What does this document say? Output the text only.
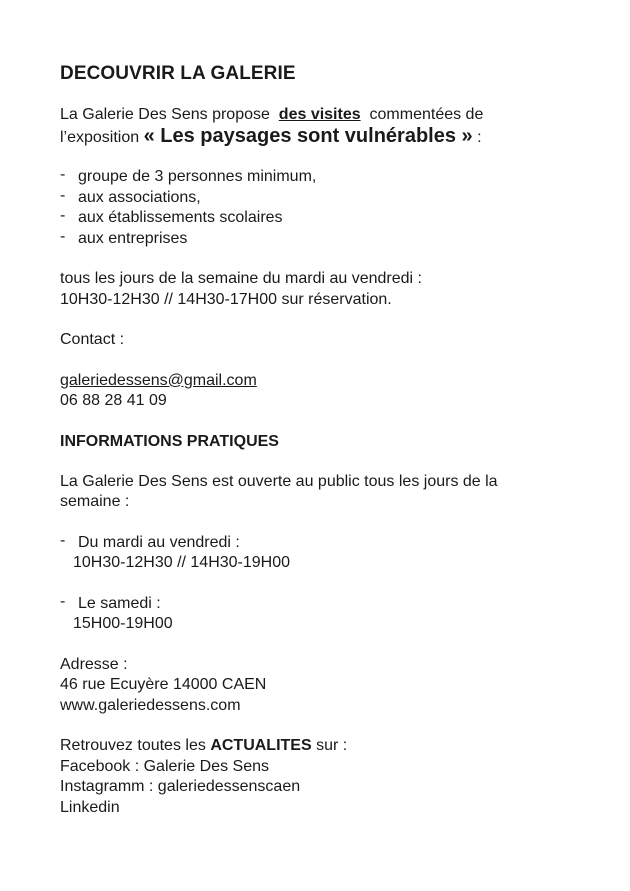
DECOUVRIR LA GALERIE

La Galerie Des Sens propose des visites commentées de
l’exposition « Les paysages sont vulnérables » :

- groupe de 3 personnes minimum,
- aux associations,
- aux établissements scolaires
- aux entreprises

tous les jours de la semaine du mardi au vendredi :
10H30-12H30 // 14H30-17H00 sur réservation.

Contact :

galeriedessens@gmail.com
06 88 28 41 09

INFORMATIONS PRATIQUES

La Galerie Des Sens est ouverte au public tous les jours de la
semaine :

- Du mardi au vendredi :

10H30-12H30 // 14H30-19H00

- Le samedi :

15H00-19H00

Adresse :
46 rue Ecuyère 14000 CAEN
www.galeriedessens.com

Retrouvez toutes les ACTUALITES sur :
Facebook : Galerie Des Sens
Instagramm : galeriedessenscaen
Linkedin
